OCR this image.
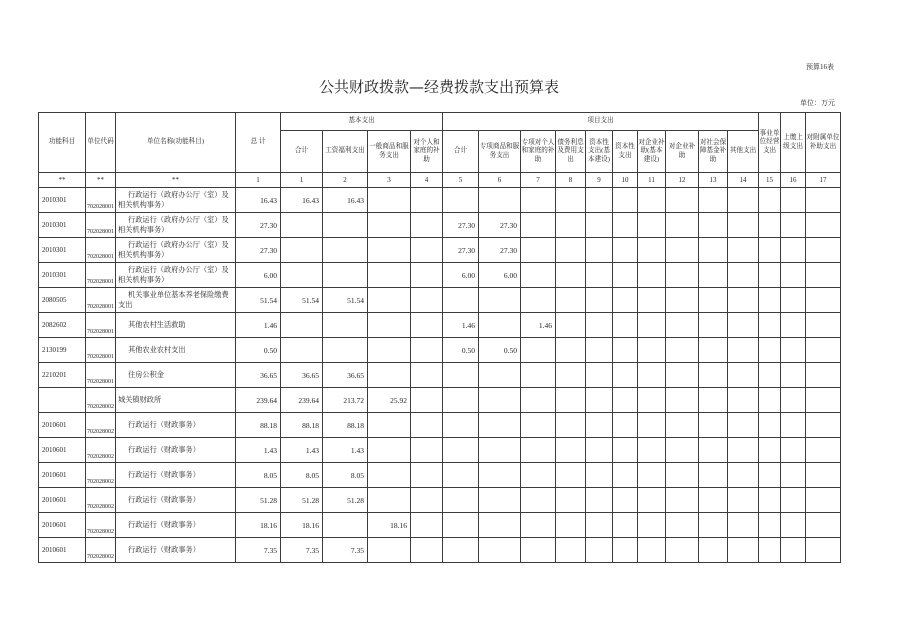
预算16表
公共财政拨款—经费拨款支出预算表
单位：万元
功能科目	单位代码	单位名称(功能科目)	总 计	基本支出				项目支出										事业单位经营支出	上缴上级支出	对附属单位补助支出
				合计	工资福利支出	一般商品和服务支出	对个人和家庭的补助	合计	专项商品和服务支出	专项对个人和家庭的补助	债务利息及费用支出	资本性支出(基本建设)	资本性支出	对企业补助(基本建设)	对企业补助	对社会保障基金补助	其他支出			
**	**	**	1	1	2	3	4	5	6	7	8	9	10	11	12	13	14	15	16	17
2010301	702028001	行政运行（政府办公厅（室）及相关机构事务）	16.43	16.43	16.43															
2010301	702028001	行政运行（政府办公厅（室）及相关机构事务）	27.30					27.30	27.30											
2010301	702028001	行政运行（政府办公厅（室）及相关机构事务）	27.30					27.30	27.30											
2010301	702028001	行政运行（政府办公厅（室）及相关机构事务）	6.00					6.00	6.00											
2080505	702028001	机关事业单位基本养老保险缴费支出	51.54	51.54	51.54															
2082602	702028001	其他农村生活救助	1.46					1.46		1.46										
2130199	702028001	其他农业农村支出	0.50					0.50	0.50											
2210201	702028001	住房公积金	36.65	36.65	36.65															
	702028002	城关镇财政所	239.64	239.64	213.72	25.92														
2010601	702028002	行政运行（财政事务）	88.18	88.18	88.18															
2010601	702028002	行政运行（财政事务）	1.43	1.43	1.43															
2010601	702028002	行政运行（财政事务）	8.05	8.05	8.05															
2010601	702028002	行政运行（财政事务）	51.28	51.28	51.28															
2010601	702028002	行政运行（财政事务）	18.16	18.16		18.16														
2010601	702028002	行政运行（财政事务）	7.35	7.35	7.35															
